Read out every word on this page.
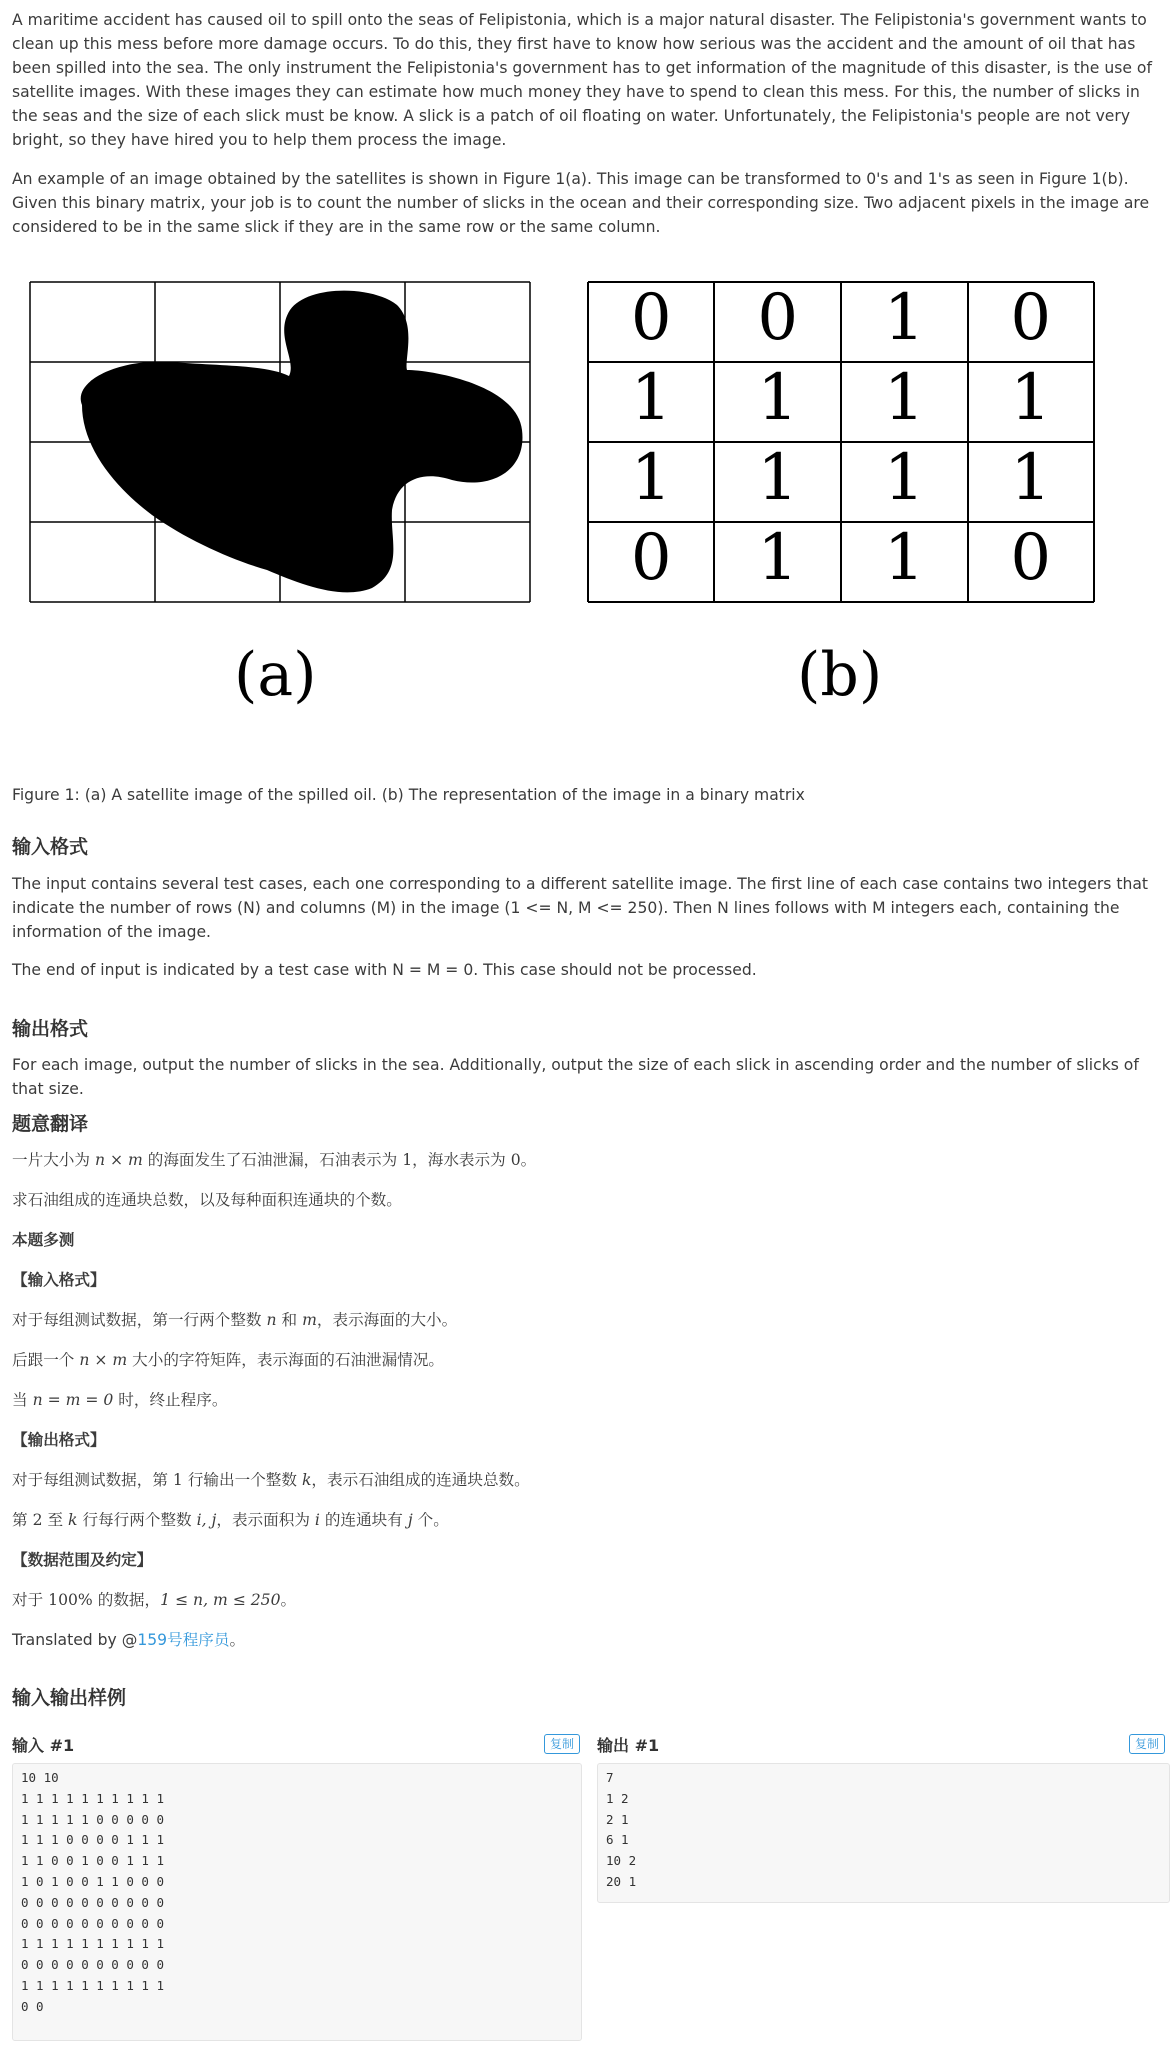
A maritime accident has caused oil to spill onto the seas of Felipistonia, which is a major natural disaster. The Felipistonia's government wants to clean up this mess before more damage occurs. To do this, they first have to know how serious was the accident and the amount of oil that has been spilled into the sea. The only instrument the Felipistonia's government has to get information of the magnitude of this disaster, is the use of satellite images. With these images they can estimate how much money they have to spend to clean this mess. For this, the number of slicks in the seas and the size of each slick must be know. A slick is a patch of oil floating on water. Unfortunately, the Felipistonia's people are not very bright, so they have hired you to help them process the image.

An example of an image obtained by the satellites is shown in Figure 1(a). This image can be transformed to 0's and 1's as seen in Figure 1(b). Given this binary matrix, your job is to count the number of slicks in the ocean and their corresponding size. Two adjacent pixels in the image are considered to be in the same slick if they are in the same row or the same column.

(a)
0	0	1	0
1	1	1	1
1	1	1	1
0	1	1	0
(b)
Figure 1: (a) A satellite image of the spilled oil. (b) The representation of the image in a binary matrix
输入格式
The input contains several test cases, each one corresponding to a different satellite image. The first line of each case contains two integers that indicate the number of rows (N) and columns (M) in the image (1 <= N, M <= 250). Then N lines follows with M integers each, containing the information of the image.
The end of input is indicated by a test case with N = M = 0. This case should not be processed.
输出格式
For each image, output the number of slicks in the sea. Additionally, output the size of each slick in ascending order and the number of slicks of that size.
题意翻译
一片大小为 n × m 的海面发生了石油泄漏，石油表示为 1，海水表示为 0。
求石油组成的连通块总数，以及每种面积连通块的个数。
本题多测
【输入格式】
对于每组测试数据，第一行两个整数 n 和 m，表示海面的大小。
后跟一个 n × m 大小的字符矩阵，表示海面的石油泄漏情况。
当 n = m = 0 时，终止程序。
【输出格式】
对于每组测试数据，第 1 行输出一个整数 k，表示石油组成的连通块总数。
第 2 至 k 行每行两个整数 i, j，表示面积为 i 的连通块有 j 个。
【数据范围及约定】
对于 100% 的数据，1 ≤ n, m ≤ 250。
Translated by @159号程序员。
输入输出样例
输入 #1	复制
10 10
1 1 1 1 1 1 1 1 1 1
1 1 1 1 1 0 0 0 0 0
1 1 1 0 0 0 0 1 1 1
1 1 0 0 1 0 0 1 1 1
1 0 1 0 0 1 1 0 0 0
0 0 0 0 0 0 0 0 0 0
0 0 0 0 0 0 0 0 0 0
1 1 1 1 1 1 1 1 1 1
0 0 0 0 0 0 0 0 0 0
1 1 1 1 1 1 1 1 1 1
0 0
输出 #1	复制
7
1 2
2 1
6 1
10 2
20 1
